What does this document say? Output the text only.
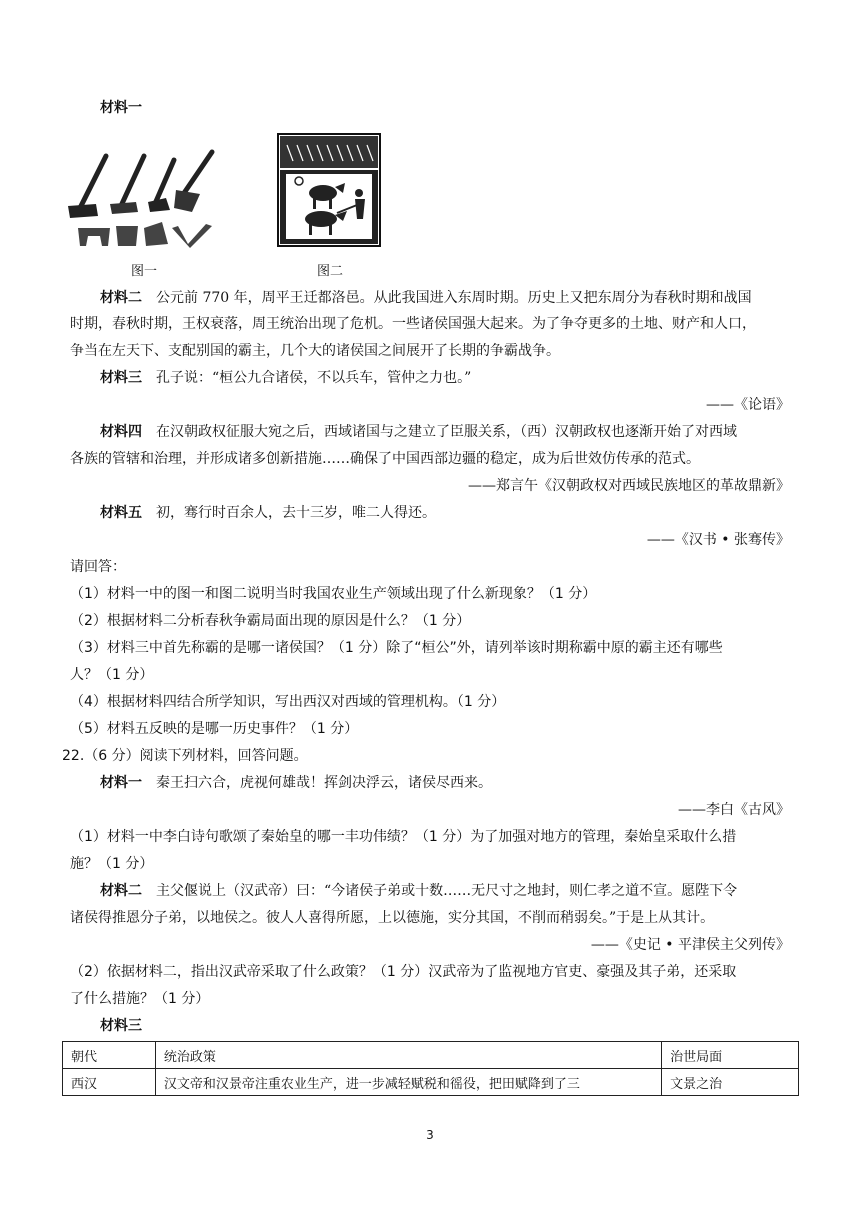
材料一
图一	图二
材料二　 公元前 770 年，周平王迁都洛邑。从此我国进入东周时期。历史上又把东周分为春秋时期和战国
时期，春秋时期，王权衰落，周王统治出现了危机。一些诸侯国强大起来。为了争夺更多的土地、财产和人口，
争当在左天下、支配别国的霸主，几个大的诸侯国之间展开了长期的争霸战争。
材料三　 孔子说：“桓公九合诸侯，不以兵车，管仲之力也。”
——《论语》
材料四　 在汉朝政权征服大宛之后，西域诸国与之建立了臣服关系，（西）汉朝政权也逐渐开始了对西域
各族的管辖和治理，并形成诸多创新措施……确保了中国西部边疆的稳定，成为后世效仿传承的范式。
——郑言午《汉朝政权对西域民族地区的革故鼎新》
材料五　 初，骞行时百余人，去十三岁，唯二人得还。
——《汉书 • 张骞传》
请回答：
（1）材料一中的图一和图二说明当时我国农业生产领域出现了什么新现象？（1 分）
（2）根据材料二分析春秋争霸局面出现的原因是什么？（1 分）
（3）材料三中首先称霸的是哪一诸侯国？（1 分）除了“桓公”外，请列举该时期称霸中原的霸主还有哪些
人？（1 分）
（4）根据材料四结合所学知识，写出西汉对西域的管理机构。（1 分）
（5）材料五反映的是哪一历史事件？（1 分）
22.（6 分）阅读下列材料，回答问题。
材料一　 秦王扫六合，虎视何雄哉！挥剑决浮云，诸侯尽西来。
——李白《古风》
（1）材料一中李白诗句歌颂了秦始皇的哪一丰功伟绩？（1 分）为了加强对地方的管理，秦始皇采取什么措
施？（1 分）
材料二　 主父偃说上（汉武帝）曰：“今诸侯子弟或十数……无尺寸之地封，则仁孝之道不宣。愿陛下令
诸侯得推恩分子弟，以地侯之。彼人人喜得所愿，上以德施，实分其国，不削而稍弱矣。”于是上从其计。
——《史记 • 平津侯主父列传》
（2）依据材料二，指出汉武帝采取了什么政策？（1 分）汉武帝为了监视地方官吏、豪强及其子弟，还采取
了什么措施？（1 分）
材料三
朝代	统治政策	治世局面
西汉	汉文帝和汉景帝注重农业生产，进一步减轻赋税和徭役，把田赋降到了三	文景之治
3
